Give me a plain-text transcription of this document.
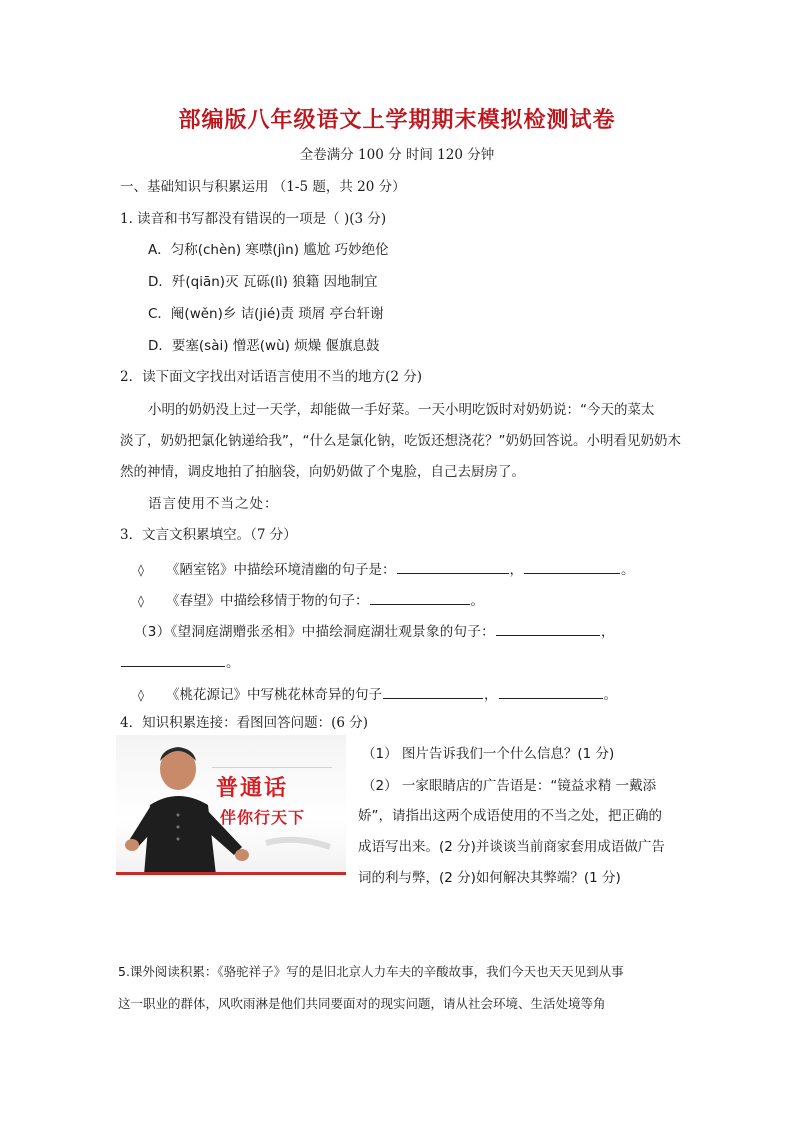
部编版八年级语文上学期期末模拟检测试卷
全卷满分 100 分 时间 120 分钟
一、基础知识与积累运用 （1-5 题，共 20 分）
1. 读音和书写都没有错误的一项是（ )(3 分)
A．匀称(chèn) 寒噤(jìn) 尴尬 巧妙绝伦
D．歼(qiān)灭 瓦砾(lì) 狼籍 因地制宜
C．阉(wěn)乡 诘(jié)责 琐屑 亭台轩谢
D．要塞(sài) 憎恶(wù) 烦燥 偃旗息鼓
2．读下面文字找出对话语言使用不当的地方(2 分)
小明的奶奶没上过一天学，却能做一手好菜。一天小明吃饭时对奶奶说：“今天的菜太
淡了，奶奶把氯化钠递给我”，“什么是氯化钠，吃饭还想浇花？”奶奶回答说。小明看见奶奶木
然的神情，调皮地拍了拍脑袋，向奶奶做了个鬼脸，自己去厨房了。
语言使用不当之处：
3．文言文积累填空。（7 分）
◊ 《陋室铭》中描绘环境清幽的句子是：	，	。
◊ 《春望》中描绘移情于物的句子：	。
（3）《望洞庭湖赠张丞相》中描绘洞庭湖壮观景象的句子：	，
。
◊ 《桃花源记》中写桃花林奇异的句子	，	。
4．知识积累连接：看图回答问题：(6 分)
普通话
伴你行天下
（1） 图片告诉我们一个什么信息？(1 分)
（2） 一家眼睛店的广告语是：“镜益求精 一戴添
娇”，请指出这两个成语使用的不当之处，把正确的
成语写出来。(2 分)并谈谈当前商家套用成语做广告
词的利与弊，(2 分)如何解决其弊端？(1 分)
5.课外阅读积累：《骆驼祥子》写的是旧北京人力车夫的辛酸故事，我们今天也天天见到从事
这一职业的群体，风吹雨淋是他们共同要面对的现实问题，请从社会环境、生活处境等角
